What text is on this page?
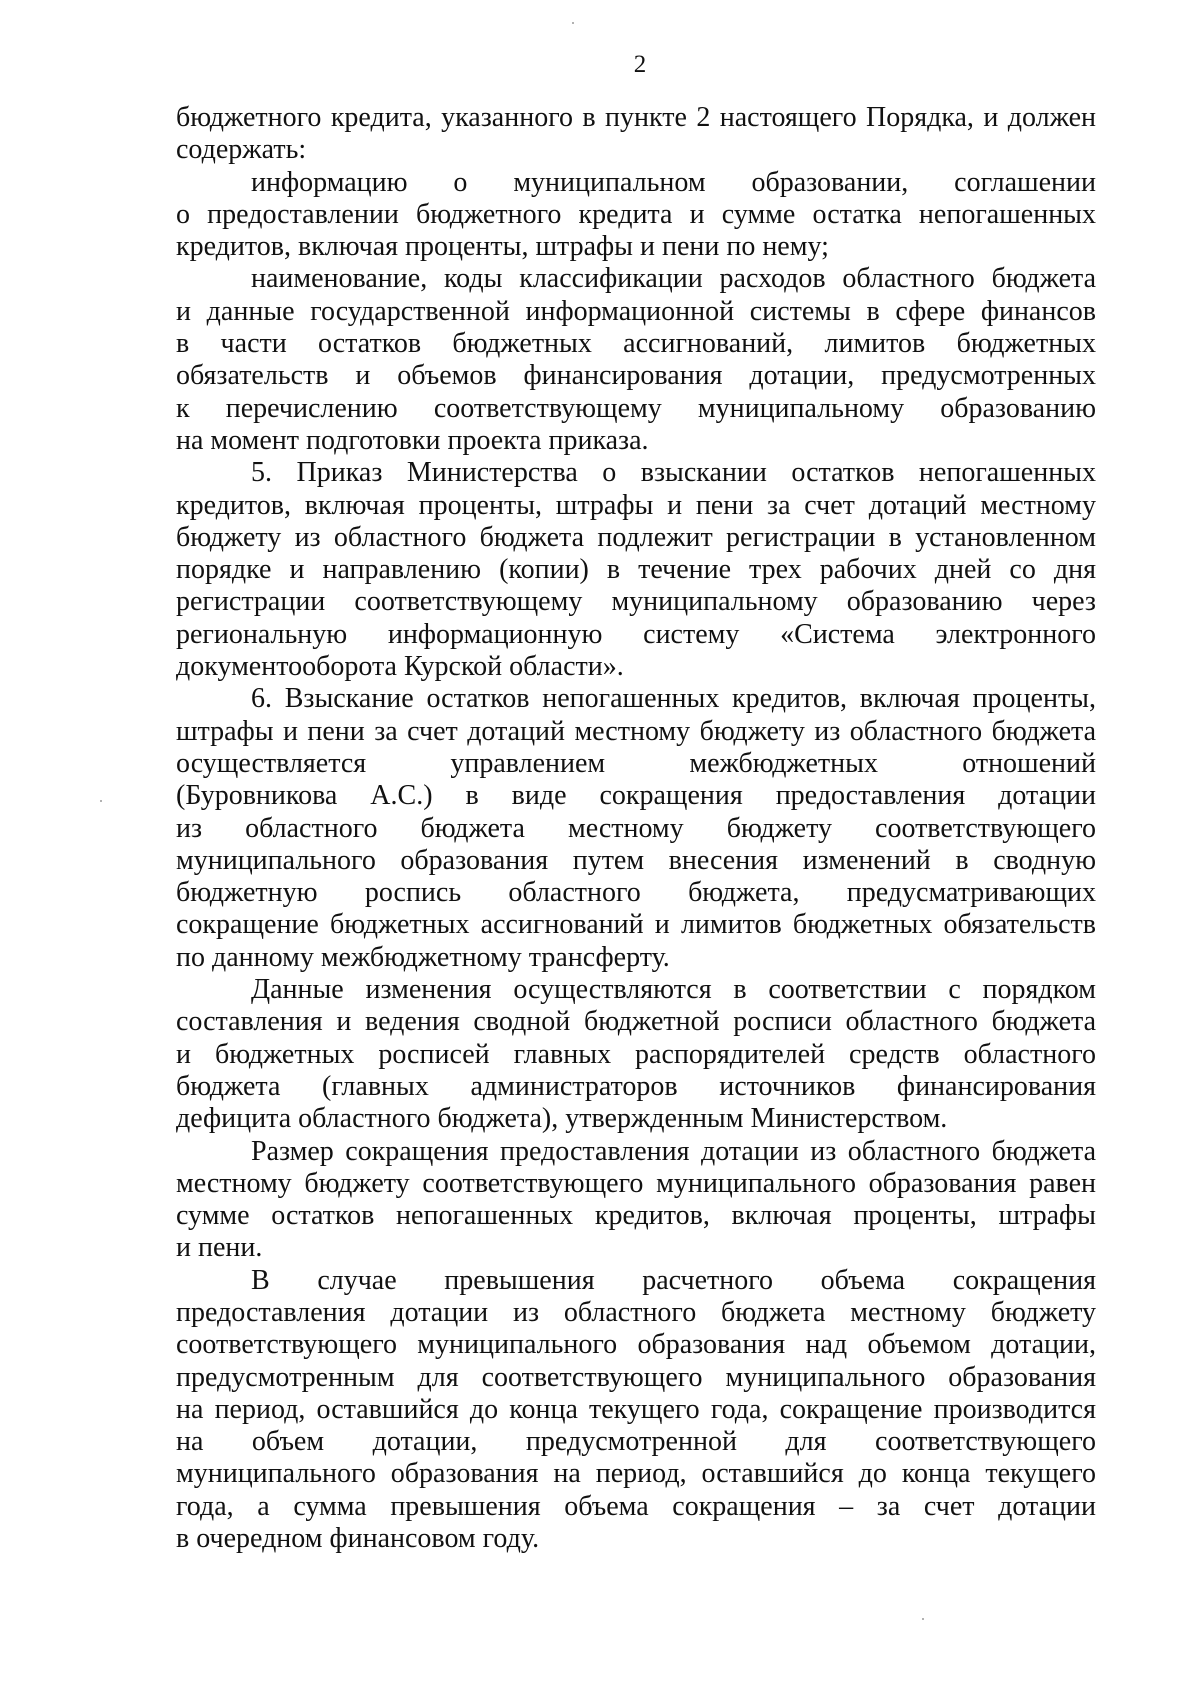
2

бюджетного кредита, указанного в пункте 2 настоящего Порядка, и должен
содержать:

информацию о муниципальном образовании, соглашении
о предоставлении бюджетного кредита и сумме остатка непогашенных
кредитов, включая проценты, штрафы и пени по нему;

наименование, коды классификации расходов областного бюджета
и данные государственной информационной системы в сфере финансов
в части остатков бюджетных ассигнований, лимитов бюджетных
обязательств и объемов финансирования дотации, предусмотренных
к перечислению соответствующему муниципальному образованию
на момент подготовки проекта приказа.

5. Приказ Министерства о взыскании остатков непогашенных
кредитов, включая проценты, штрафы и пени за счет дотаций местному
бюджету из областного бюджета подлежит регистрации в установленном
порядке и направлению (копии) в течение трех рабочих дней со дня
регистрации соответствующему муниципальному образованию через
региональную информационную систему «Система электронного
документооборота Курской области».

6. Взыскание остатков непогашенных кредитов, включая проценты,
штрафы и пени за счет дотаций местному бюджету из областного бюджета
осуществляется управлением межбюджетных отношений
(Буровникова А.С.) в виде сокращения предоставления дотации
из областного бюджета местному бюджету соответствующего
муниципального образования путем внесения изменений в сводную
бюджетную роспись областного бюджета, предусматривающих
сокращение бюджетных ассигнований и лимитов бюджетных обязательств
по данному межбюджетному трансферту.

Данные изменения осуществляются в соответствии с порядком
составления и ведения сводной бюджетной росписи областного бюджета
и бюджетных росписей главных распорядителей средств областного
бюджета (главных администраторов источников финансирования
дефицита областного бюджета), утвержденным Министерством.

Размер сокращения предоставления дотации из областного бюджета
местному бюджету соответствующего муниципального образования равен
сумме остатков непогашенных кредитов, включая проценты, штрафы
и пени.

В случае превышения расчетного объема сокращения
предоставления дотации из областного бюджета местному бюджету
соответствующего муниципального образования над объемом дотации,
предусмотренным для соответствующего муниципального образования
на период, оставшийся до конца текущего года, сокращение производится
на объем дотации, предусмотренной для соответствующего
муниципального образования на период, оставшийся до конца текущего
года, а сумма превышения объема сокращения – за счет дотации
в очередном финансовом году.
